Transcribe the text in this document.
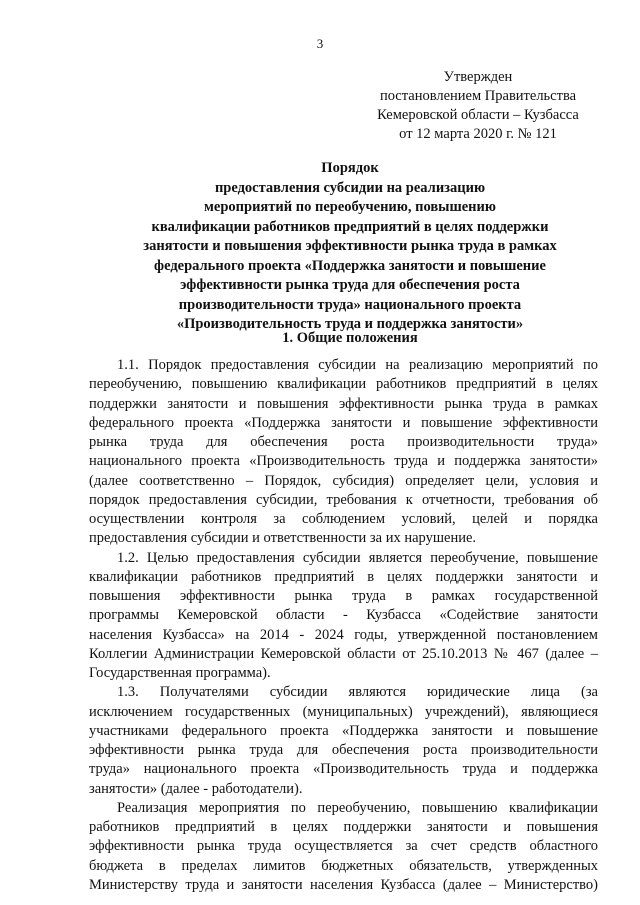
3
Утвержден
постановлением Правительства
Кемеровской области – Кузбасса
от 12 марта 2020 г. № 121
Порядок
предоставления субсидии на реализацию
мероприятий по переобучению, повышению
квалификации работников предприятий в целях поддержки
занятости и повышения эффективности рынка труда в рамках
федерального проекта «Поддержка занятости и повышение
эффективности рынка труда для обеспечения роста
производительности труда» национального проекта
«Производительность труда и поддержка занятости»
1. Общие положения
1.1. Порядок предоставления субсидии на реализацию мероприятий по
переобучению, повышению квалификации работников предприятий в целях
поддержки занятости и повышения эффективности рынка труда в рамках
федерального проекта «Поддержка занятости и повышение эффективности
рынка труда для обеспечения роста производительности труда»
национального проекта «Производительность труда и поддержка занятости»
(далее соответственно – Порядок, субсидия) определяет цели, условия и
порядок предоставления субсидии, требования к отчетности, требования об
осуществлении контроля за соблюдением условий, целей и порядка
предоставления субсидии и ответственности за их нарушение.
1.2. Целью предоставления субсидии является переобучение, повышение
квалификации работников предприятий в целях поддержки занятости и
повышения эффективности рынка труда в рамках государственной
программы Кемеровской области - Кузбасса «Содействие занятости
населения Кузбасса» на 2014 - 2024 годы, утвержденной постановлением
Коллегии Администрации Кемеровской области от 25.10.2013 № 467 (далее –
Государственная программа).
1.3. Получателями субсидии являются юридические лица (за
исключением государственных (муниципальных) учреждений), являющиеся
участниками федерального проекта «Поддержка занятости и повышение
эффективности рынка труда для обеспечения роста производительности
труда» национального проекта «Производительность труда и поддержка
занятости» (далее - работодатели).
Реализация мероприятия по переобучению, повышению квалификации
работников предприятий в целях поддержки занятости и повышения
эффективности рынка труда осуществляется за счет средств областного
бюджета в пределах лимитов бюджетных обязательств, утвержденных
Министерству труда и занятости населения Кузбасса (далее – Министерство)
